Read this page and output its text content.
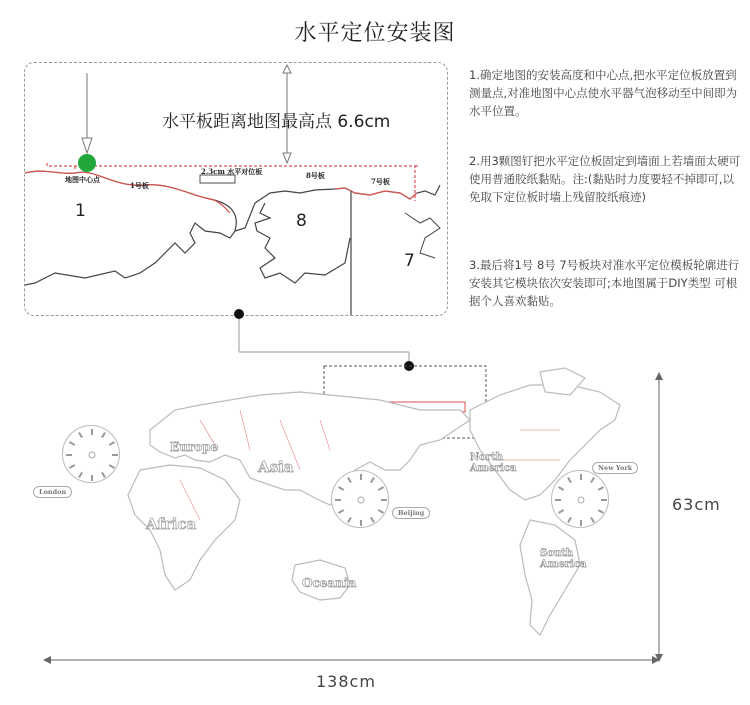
水平定位安装图
水平板距离地图最高点 6.6cm
地图中心点
1号板
2.3cm 水平对位板	8号板
7号板
1	8
7
1.确定地图的安装高度和中心点,把水平定位板放置到测量点,对准地图中心点使水平器气泡移动至中间即为水平位置。
2.用3颗图钉把水平定位板固定到墙面上若墙面太硬可使用普通胶纸黏贴。注:(黏贴时力度要轻不掉即可,以免取下定位板时墙上残留胶纸痕迹)
3.最后将1号 8号 7号板块对准水平定位模板轮廓进行安装其它模块依次安装即可;本地图属于DIY类型 可根据个人喜欢黏贴。
Europe
Asia
Africa
Oceania
North America
South America
London
Beijing
New York
63cm
138cm
